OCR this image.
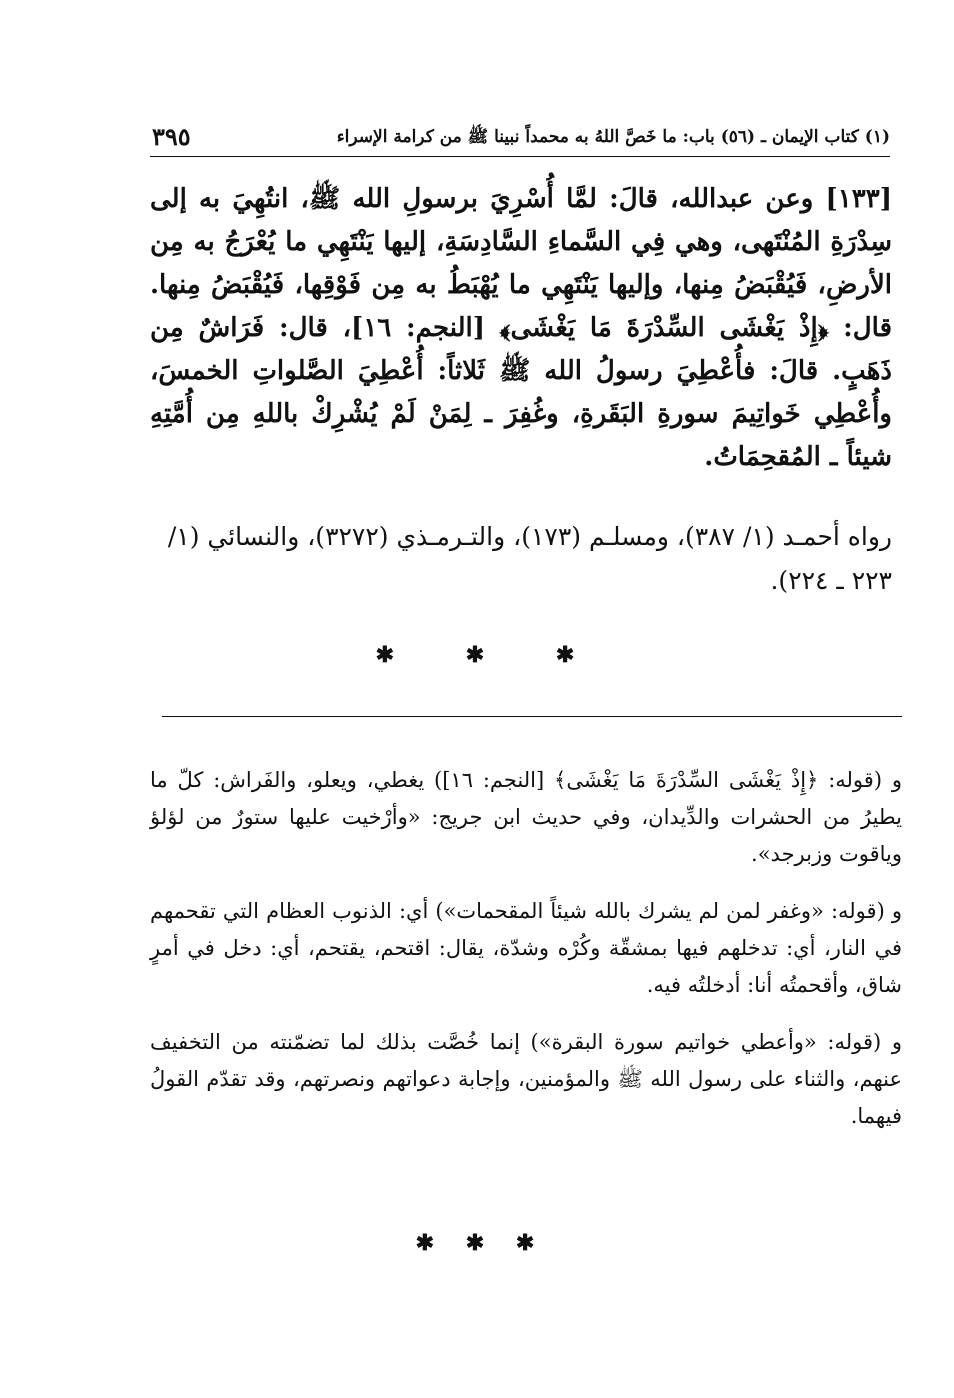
(١) كتاب الإيمان ـ (٥٦) باب: ما خَصَّ اللهُ به محمداً نبينا ﷺ من كرامة الإسراء
٣٩٥

[١٣٣] وعن عبدالله، قالَ: لمَّا أُسْرِيَ برسولِ الله ﷺ، انتُهِيَ به إلى سِدْرَةِ المُنْتَهى، وهي فِي السَّماءِ السَّادِسَةِ، إليها يَنْتَهِي ما يُعْرَجُ به مِن الأرضِ، فَيُقْبَضُ مِنها، وإليها يَنْتَهِي ما يُهْبَطُ به مِن فَوْقِها، فَيُقْبَضُ مِنها. قال: ﴿إِذْ يَغْشَى السِّدْرَةَ مَا يَغْشَى﴾ [النجم: ١٦]، قال: فَرَاشٌ مِن ذَهَبٍ. قالَ: فأُعْطِيَ رسولُ الله ﷺ ثَلاثاً: أُعْطِيَ الصَّلواتِ الخمسَ، وأُعْطِي خَواتِيمَ سورةِ البَقَرةِ، وغُفِرَ ـ لِمَنْ لَمْ يُشْرِكْ باللهِ مِن أُمَّتِهِ شيئاً ـ المُقحِمَاتُ.

رواه أحمـد (١/ ٣٨٧)، ومسلـم (١٧٣)، والتـرمـذي (٣٢٧٢)، والنسائي (١/ ٢٢٣ ـ ٢٢٤).

✱	✱	✱

و (قوله: ﴿إِذْ يَغْشَى السِّدْرَةَ مَا يَغْشَى﴾ [النجم: ١٦]) يغطي، ويعلو، والفَراش: كلّ ما يطيرُ من الحشرات والدِّيدان، وفي حديث ابن جريج: «وأرْخيت عليها ستورٌ من لؤلؤ وياقوت وزبرجد».

و (قوله: «وغفر لمن لم يشرك بالله شيئاً المقحمات») أي: الذنوب العظام التي تقحمهم في النار، أي: تدخلهم فيها بمشقّة وكُرْه وشدّة، يقال: اقتحم، يقتحم، أي: دخل في أمرٍ شاق، وأقحمتُه أنا: أدخلتُه فيه.

و (قوله: «وأعطي خواتيم سورة البقرة») إنما خُصَّت بذلك لما تضمّنته من التخفيف عنهم، والثناء على رسول الله ﷺ والمؤمنين، وإجابة دعواتهم ونصرتهم، وقد تقدّم القولُ فيهما.

✱ ✱ ✱
